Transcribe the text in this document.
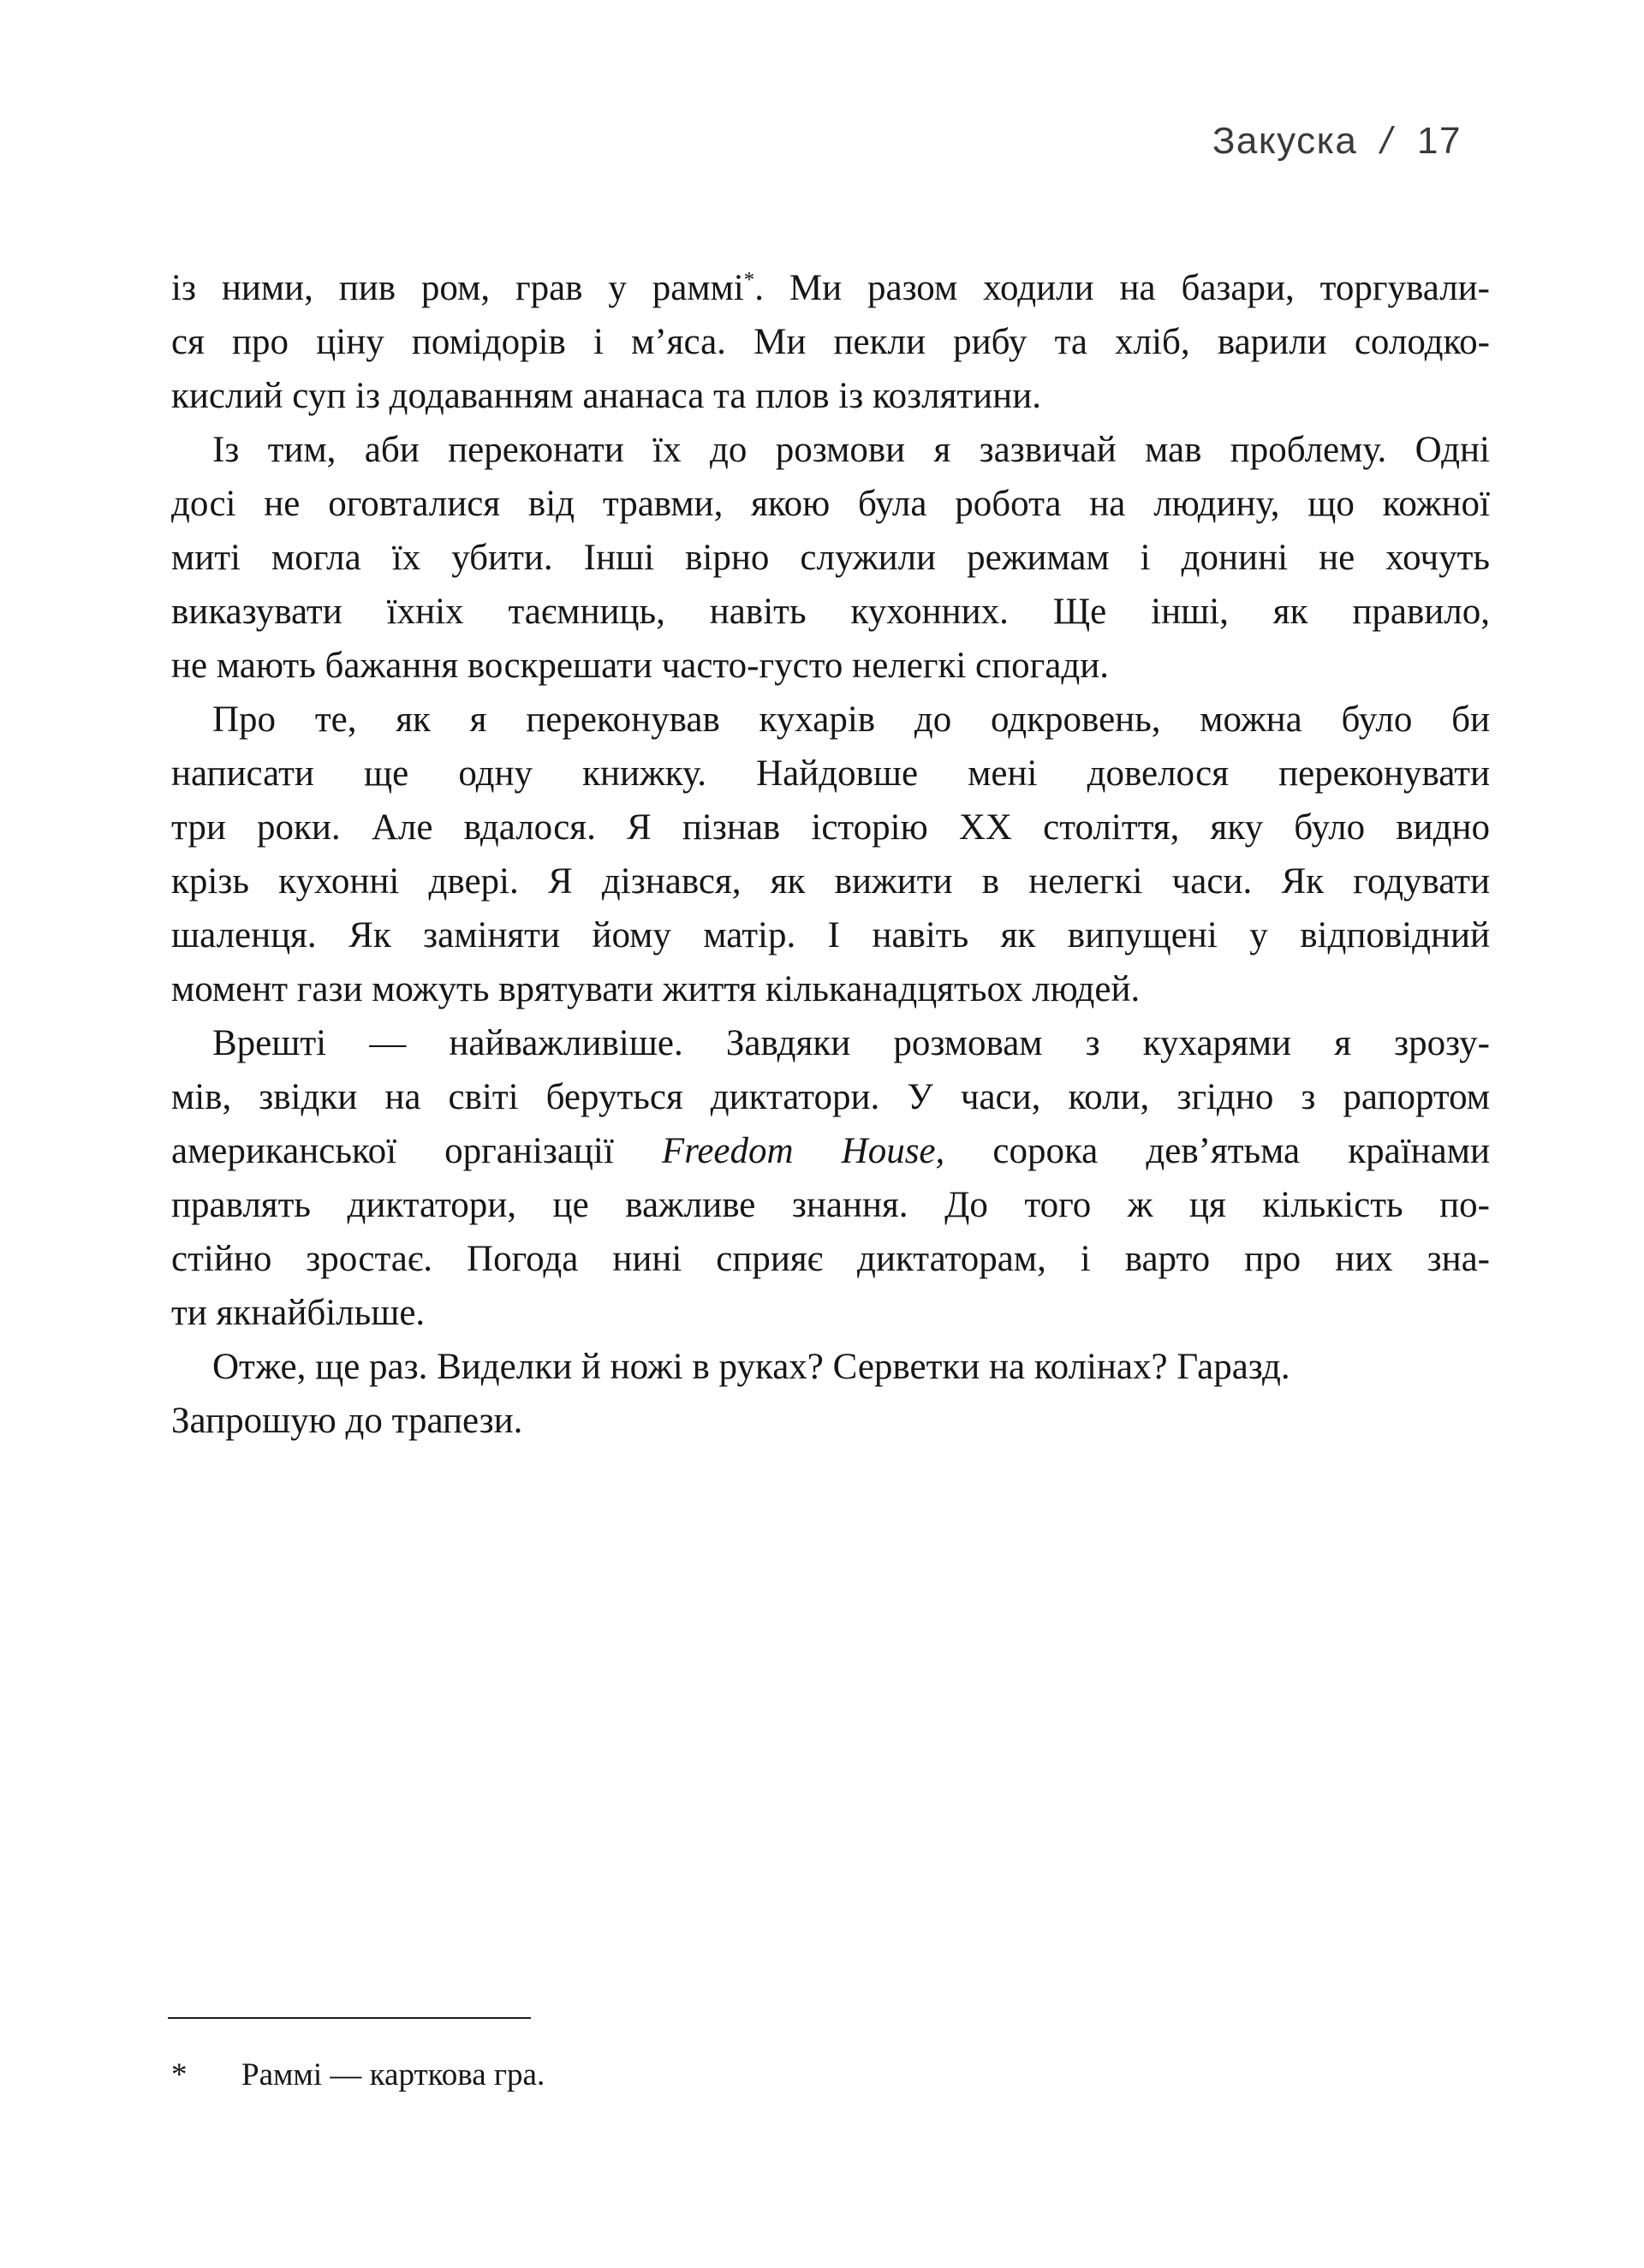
Закуска / 17
із ними, пив ром, грав у раммі*. Ми разом ходили на базари, торгували-
ся про ціну помідорів і м’яса. Ми пекли рибу та хліб, варили солодко-
кислий суп із додаванням ананаса та плов із козлятини.
Із тим, аби переконати їх до розмови я зазвичай мав проблему. Одні
досі не оговталися від травми, якою була робота на людину, що кожної
миті могла їх убити. Інші вірно служили режимам і донині не хочуть
виказувати їхніх таємниць, навіть кухонних. Ще інші, як правило,
не мають бажання воскрешати часто-густо нелегкі спогади.
Про те, як я переконував кухарів до одкровень, можна було би
написати ще одну книжку. Найдовше мені довелося переконувати
три роки. Але вдалося. Я пізнав історію ХХ століття, яку було видно
крізь кухонні двері. Я дізнався, як вижити в нелегкі часи. Як годувати
шаленця. Як заміняти йому матір. І навіть як випущені у відповідний
момент гази можуть врятувати життя кільканадцятьох людей.
Врешті — найважливіше. Завдяки розмовам з кухарями я зрозу-
мів, звідки на світі беруться диктатори. У часи, коли, згідно з рапортом
американської організації Freedom House, сорока дев’ятьма країнами
правлять диктатори, це важливе знання. До того ж ця кількість по-
стійно зростає. Погода нині сприяє диктаторам, і варто про них зна-
ти якнайбільше.
Отже, ще раз. Виделки й ножі в руках? Серветки на колінах? Гаразд.
Запрошую до трапези.
* Раммі — карткова гра.
